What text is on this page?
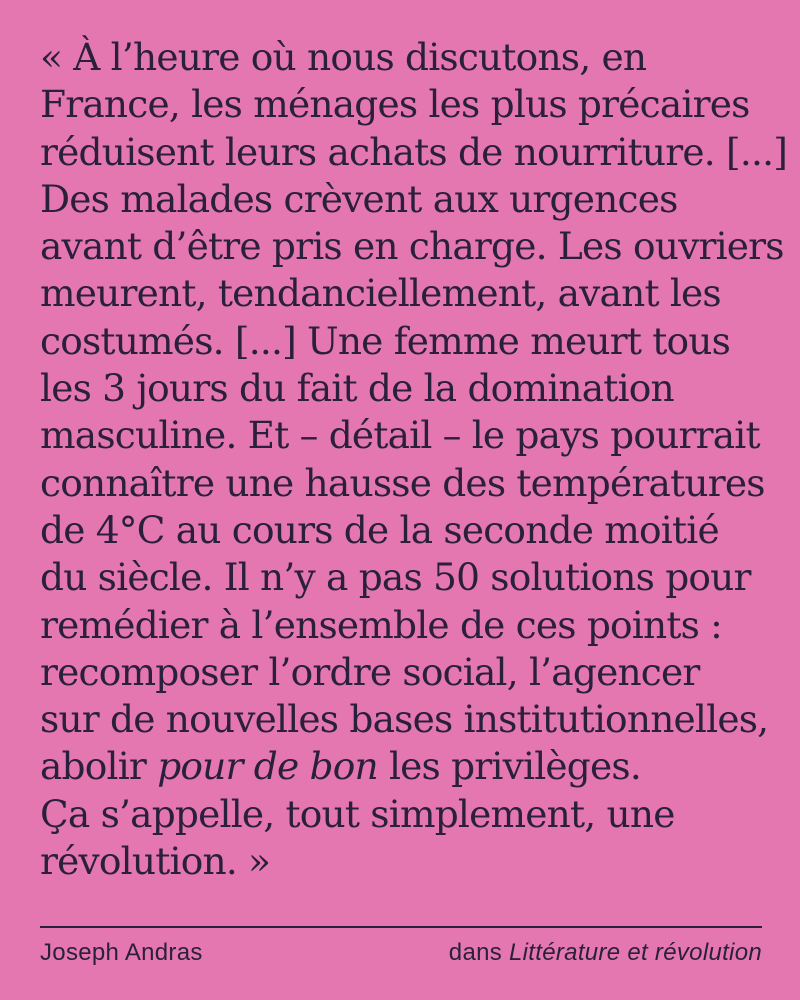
« À l’heure où nous discutons, en
France, les ménages les plus précaires
réduisent leurs achats de nourriture. [...]
Des malades crèvent aux urgences
avant d’être pris en charge. Les ouvriers
meurent, tendanciellement, avant les
costumés. [...] Une femme meurt tous
les 3 jours du fait de la domination
masculine. Et – détail – le pays pourrait
connaître une hausse des températures
de 4°C au cours de la seconde moitié
du siècle. Il n’y a pas 50 solutions pour
remédier à l’ensemble de ces points :
recomposer l’ordre social, l’agencer
sur de nouvelles bases institutionnelles,
abolir pour de bon les privilèges.
Ça s’appelle, tout simplement, une
révolution. »
Joseph Andras	dans Littérature et révolution
